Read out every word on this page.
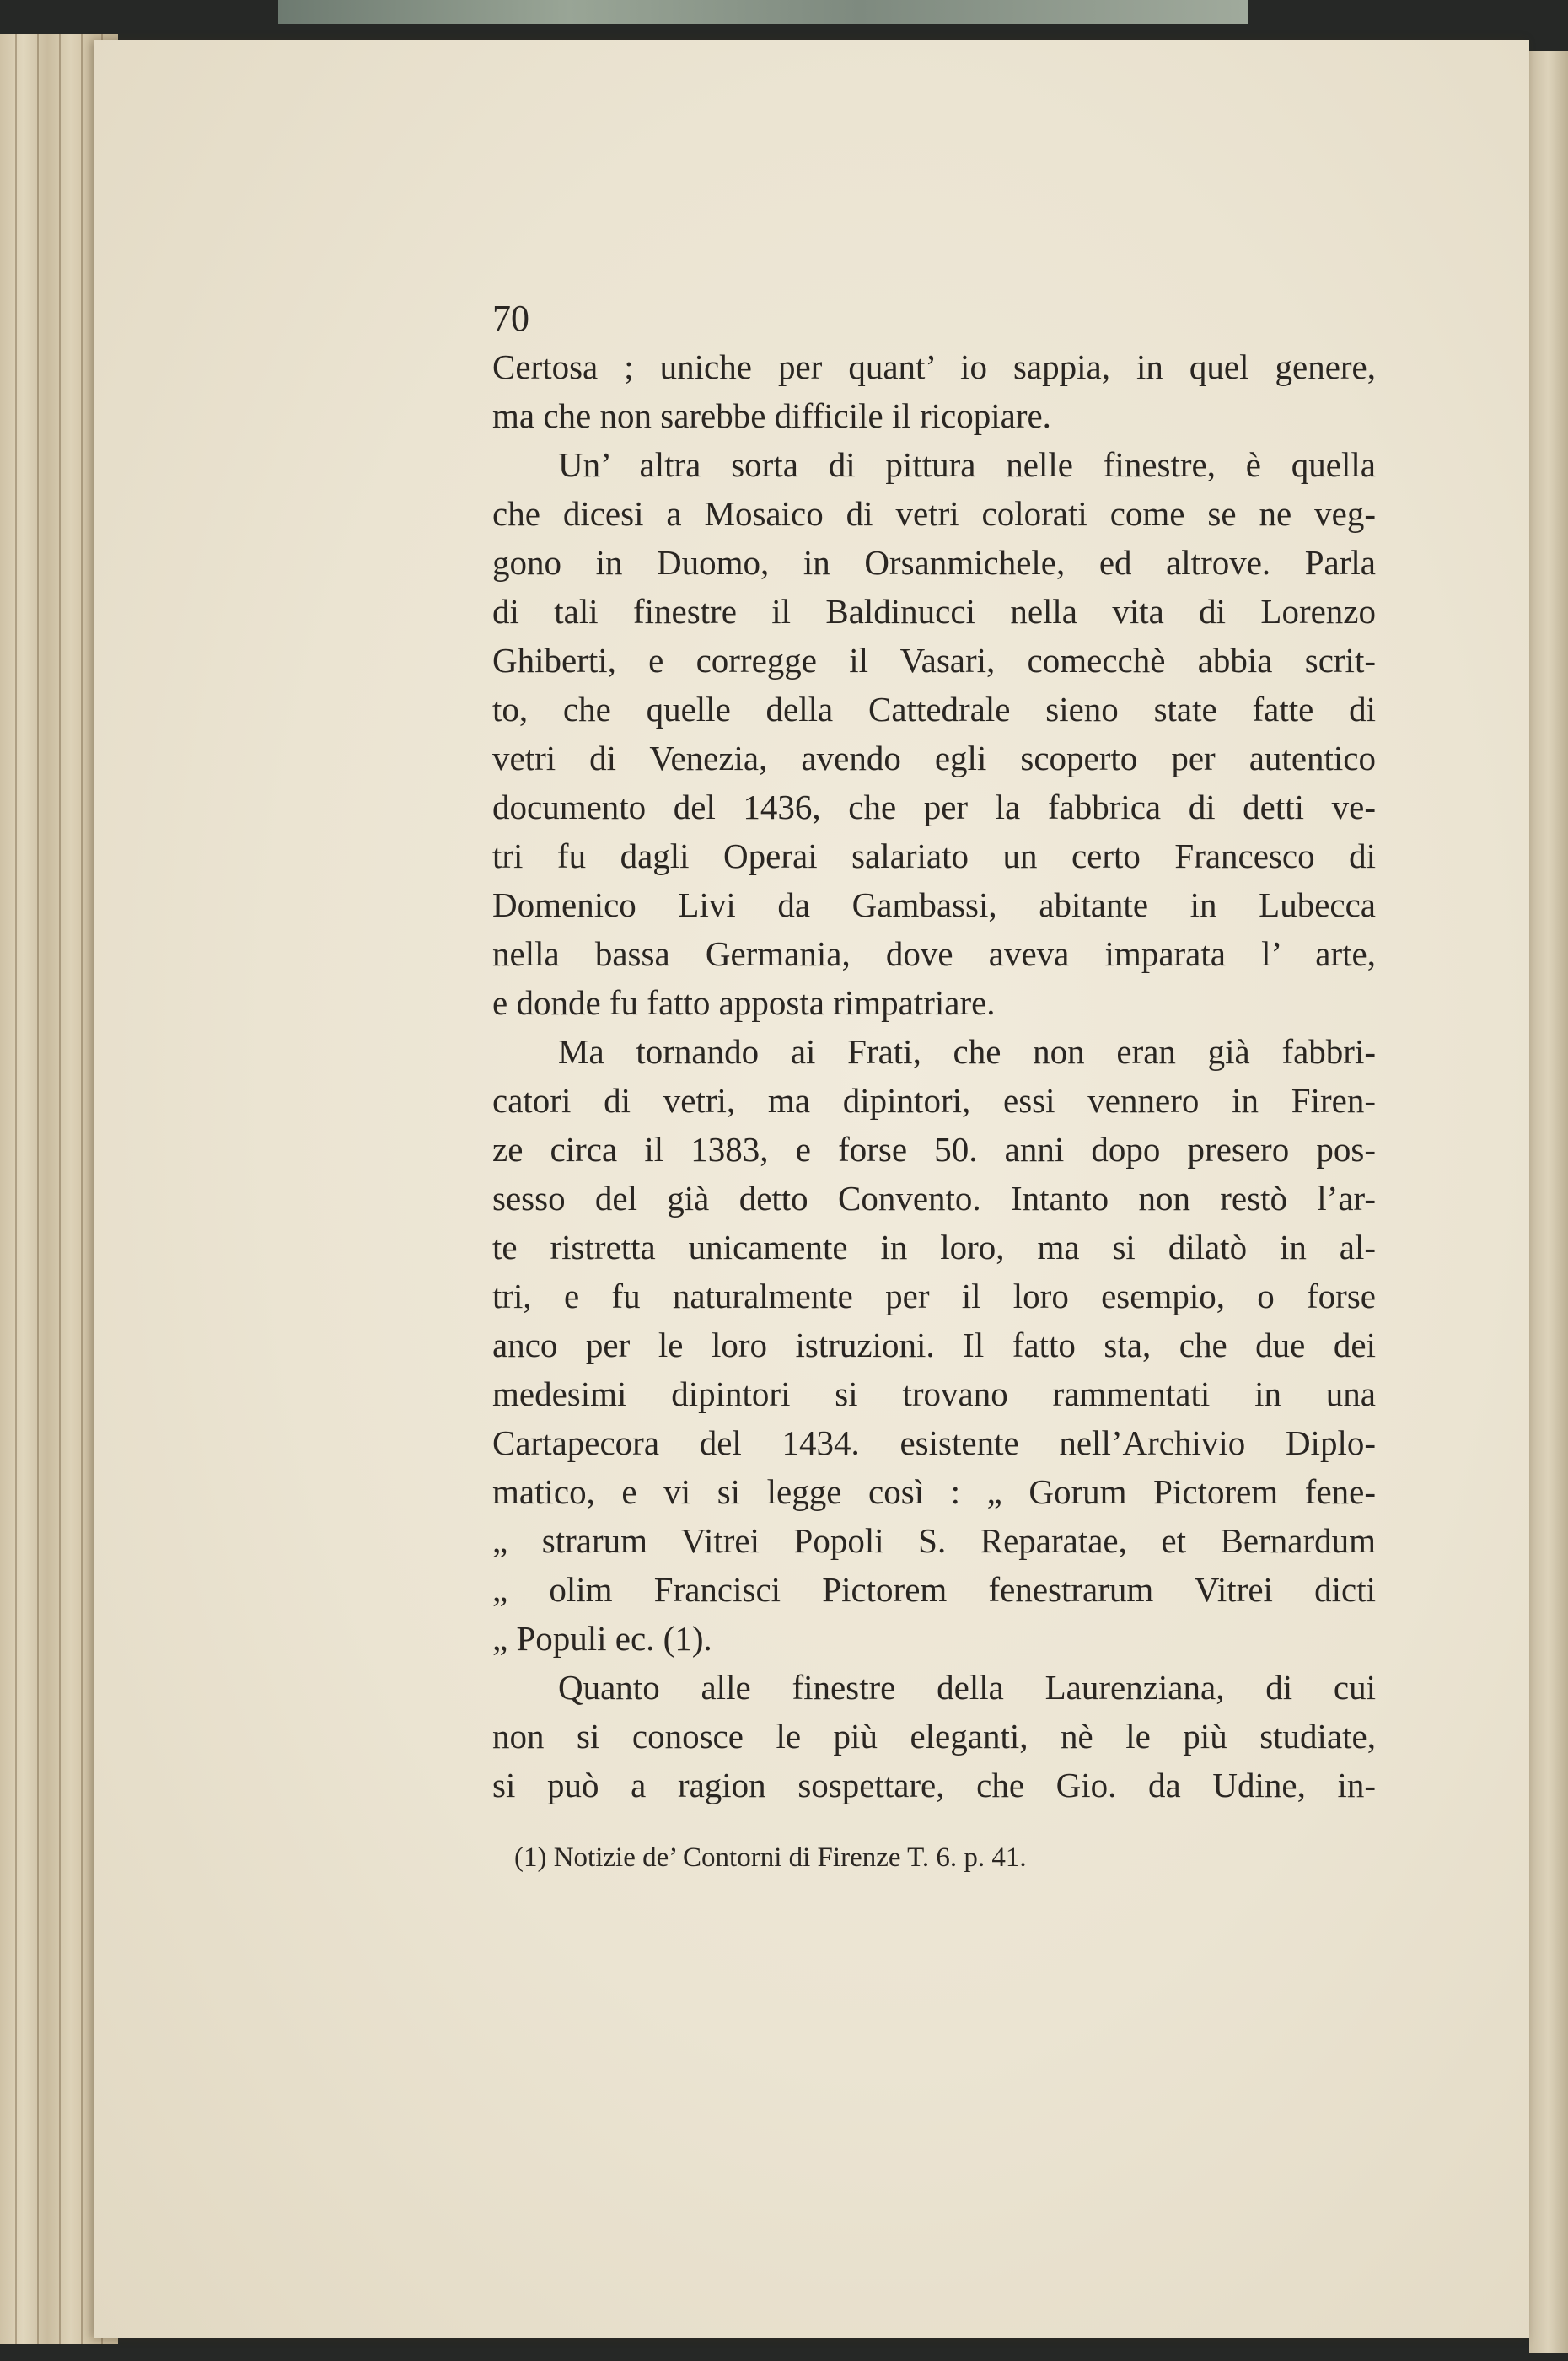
70
Certosa ; uniche per quant’ io sappia, in quel genere,
ma che non sarebbe difficile il ricopiare.
Un’ altra sorta di pittura nelle finestre, è quella
che dicesi a Mosaico di vetri colorati come se ne veg-
gono in Duomo, in Orsanmichele, ed altrove. Parla
di tali finestre il Baldinucci nella vita di Lorenzo
Ghiberti, e corregge il Vasari, comecchè abbia scrit-
to, che quelle della Cattedrale sieno state fatte di
vetri di Venezia, avendo egli scoperto per autentico
documento del 1436, che per la fabbrica di detti ve-
tri fu dagli Operai salariato un certo Francesco di
Domenico Livi da Gambassi, abitante in Lubecca
nella bassa Germania, dove aveva imparata l’ arte,
e donde fu fatto apposta rimpatriare.
Ma tornando ai Frati, che non eran già fabbri-
catori di vetri, ma dipintori, essi vennero in Firen-
ze circa il 1383, e forse 50. anni dopo presero pos-
sesso del già detto Convento. Intanto non restò l’ar-
te ristretta unicamente in loro, ma si dilatò in al-
tri, e fu naturalmente per il loro esempio, o forse
anco per le loro istruzioni. Il fatto sta, che due dei
medesimi dipintori si trovano rammentati in una
Cartapecora del 1434. esistente nell’Archivio Diplo-
matico, e vi si legge così : „ Gorum Pictorem fene-
„ strarum Vitrei Popoli S. Reparatae, et Bernardum
„ olim Francisci Pictorem fenestrarum Vitrei dicti
„ Populi ec. (1).
Quanto alle finestre della Laurenziana, di cui
non si conosce le più eleganti, nè le più studiate,
si può a ragion sospettare, che Gio. da Udine, in-
(1) Notizie de’ Contorni di Firenze T. 6. p. 41.
